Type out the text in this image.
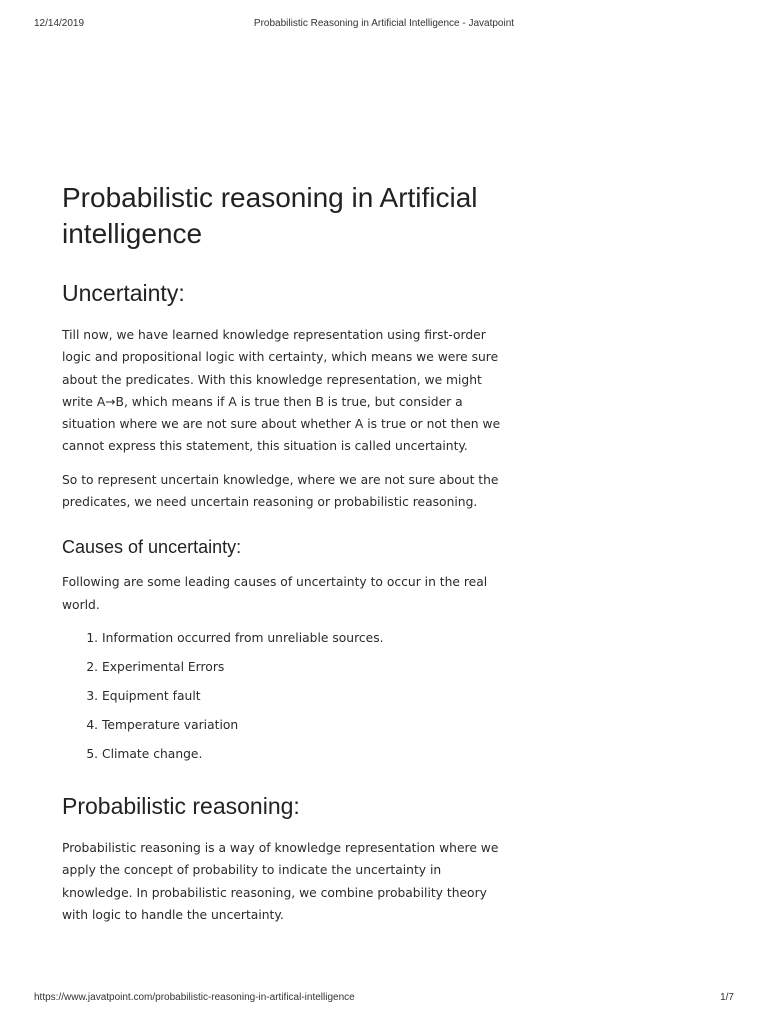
12/14/2019	Probabilistic Reasoning in Artificial Intelligence - Javatpoint
Probabilistic reasoning in Artificial intelligence
Uncertainty:

Till now, we have learned knowledge representation using first-order logic and propositional logic with certainty, which means we were sure about the predicates. With this knowledge representation, we might write A→B, which means if A is true then B is true, but consider a situation where we are not sure about whether A is true or not then we cannot express this statement, this situation is called uncertainty.

So to represent uncertain knowledge, where we are not sure about the predicates, we need uncertain reasoning or probabilistic reasoning.

Causes of uncertainty:

Following are some leading causes of uncertainty to occur in the real world.

1. Information occurred from unreliable sources.
2. Experimental Errors
3. Equipment fault
4. Temperature variation
5. Climate change.
Probabilistic reasoning:

Probabilistic reasoning is a way of knowledge representation where we apply the concept of probability to indicate the uncertainty in knowledge. In probabilistic reasoning, we combine probability theory with logic to handle the uncertainty.

https://www.javatpoint.com/probabilistic-reasoning-in-artifical-intelligence	1/7
